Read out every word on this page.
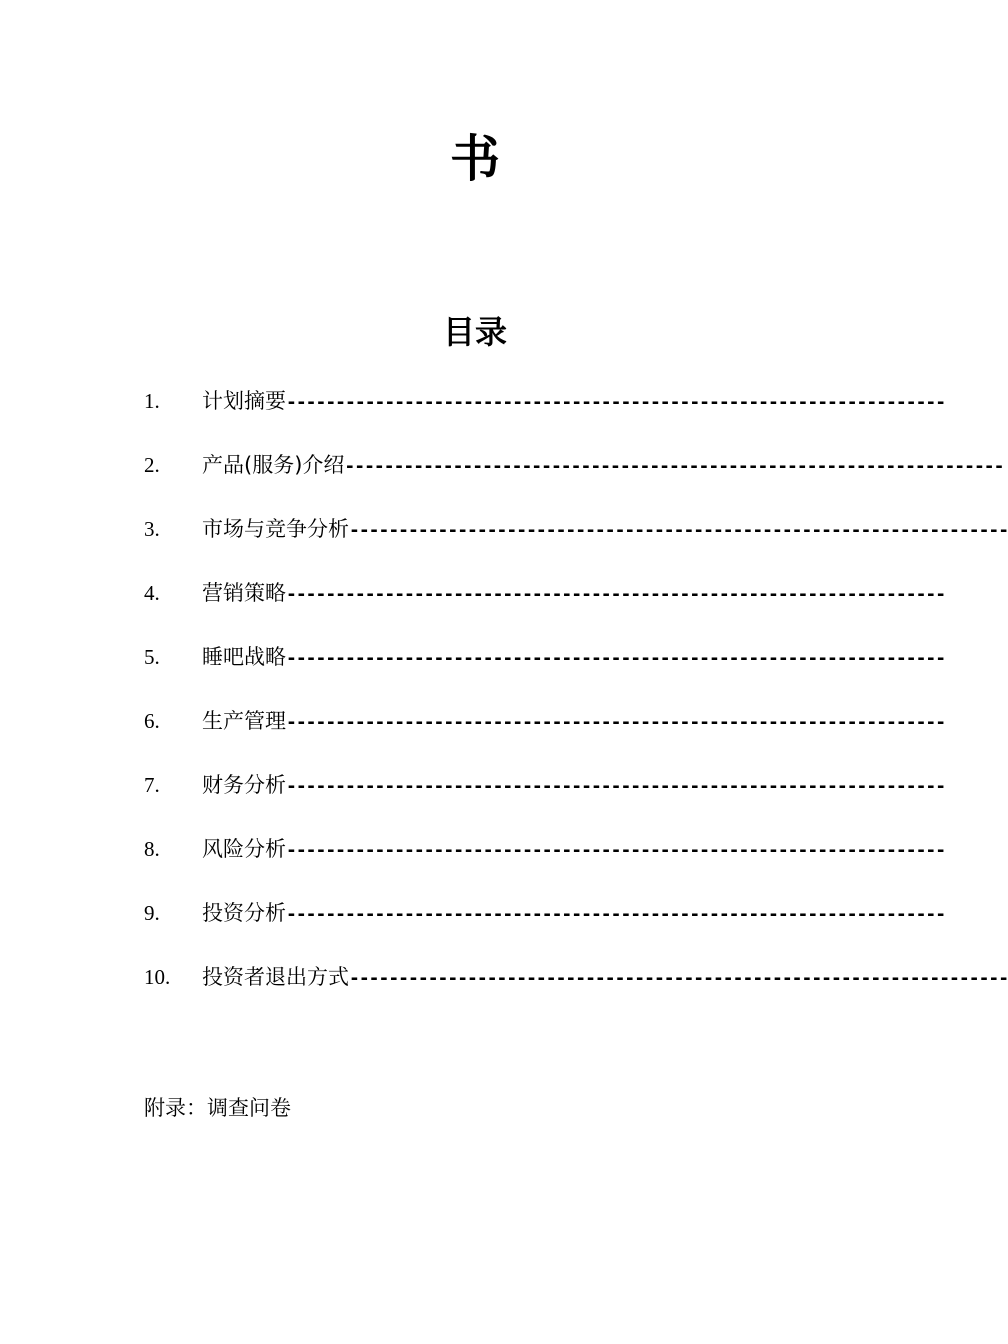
书
目录
1.	计划摘要 -------------------------------------------------------------------
2.	产品(服务)介绍 -------------------------------------------------------------------
3.	市场与竞争分析 -------------------------------------------------------------------
4.	营销策略 -------------------------------------------------------------------
5.	睡吧战略 -------------------------------------------------------------------
6.	生产管理 -------------------------------------------------------------------
7.	财务分析 -------------------------------------------------------------------
8.	风险分析 -------------------------------------------------------------------
9.	投资分析 -------------------------------------------------------------------
10.	投资者退出方式 -------------------------------------------------------------------
附录：调查问卷
